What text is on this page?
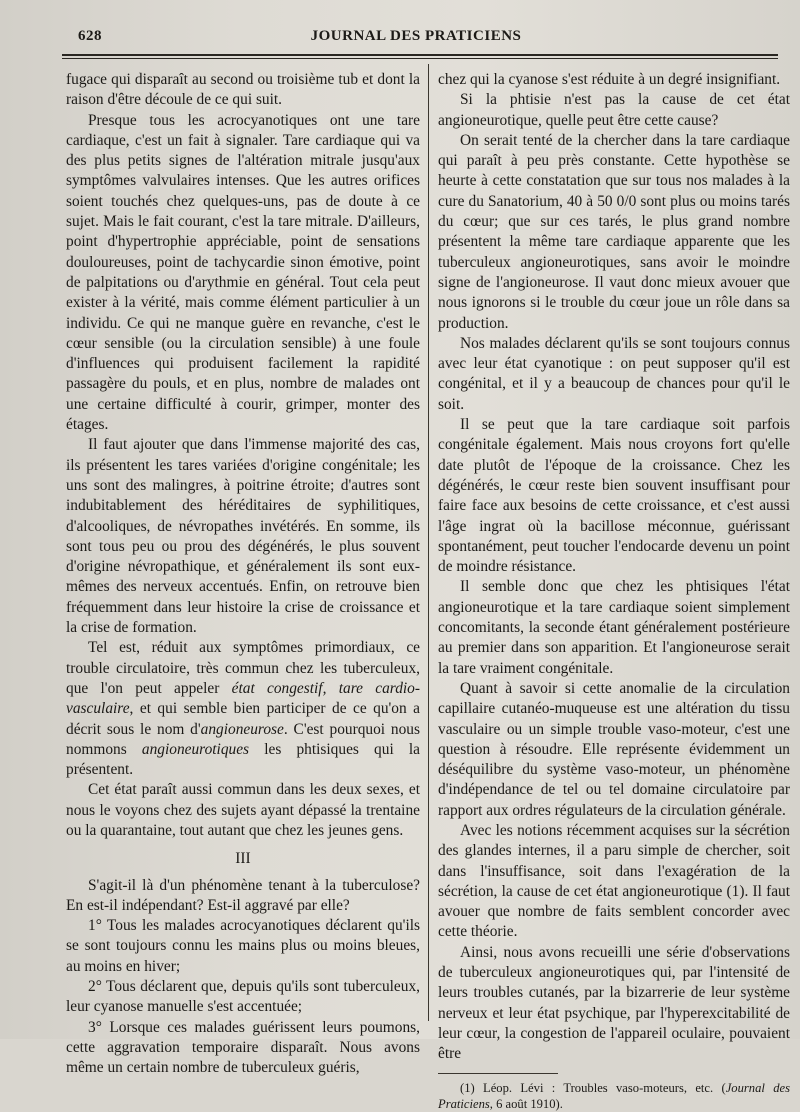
628	JOURNAL DES PRATICIENS

fugace qui disparaît au second ou troisième tub et dont la raison d'être découle de ce qui suit.

Presque tous les acrocyanotiques ont une tare cardiaque, c'est un fait à signaler. Tare cardiaque qui va des plus petits signes de l'altération mitrale jusqu'aux symptômes valvulaires intenses. Que les autres orifices soient touchés chez quelques-uns, pas de doute à ce sujet. Mais le fait courant, c'est la tare mitrale. D'ailleurs, point d'hypertrophie appréciable, point de sensations douloureuses, point de tachycardie sinon émotive, point de palpitations ou d'arythmie en général. Tout cela peut exister à la vérité, mais comme élément particulier à un individu. Ce qui ne manque guère en revanche, c'est le cœur sensible (ou la circulation sensible) à une foule d'influences qui produisent facilement la rapidité passagère du pouls, et en plus, nombre de malades ont une certaine difficulté à courir, grimper, monter des étages.

Il faut ajouter que dans l'immense majorité des cas, ils présentent les tares variées d'origine congénitale; les uns sont des malingres, à poitrine étroite; d'autres sont indubitablement des héréditaires de syphilitiques, d'alcooliques, de névropathes invétérés. En somme, ils sont tous peu ou prou des dégénérés, le plus souvent d'origine névropathique, et généralement ils sont eux-mêmes des nerveux accentués. Enfin, on retrouve bien fréquemment dans leur histoire la crise de croissance et la crise de formation.

Tel est, réduit aux symptômes primordiaux, ce trouble circulatoire, très commun chez les tuberculeux, que l'on peut appeler état congestif, tare cardio-vasculaire, et qui semble bien participer de ce qu'on a décrit sous le nom d'angioneurose. C'est pourquoi nous nommons angioneurotiques les phtisiques qui la présentent.

Cet état paraît aussi commun dans les deux sexes, et nous le voyons chez des sujets ayant dépassé la trentaine ou la quarantaine, tout autant que chez les jeunes gens.

III

S'agit-il là d'un phénomène tenant à la tuberculose? En est-il indépendant? Est-il aggravé par elle?

1° Tous les malades acrocyanotiques déclarent qu'ils se sont toujours connu les mains plus ou moins bleues, au moins en hiver;

2° Tous déclarent que, depuis qu'ils sont tuberculeux, leur cyanose manuelle s'est accentuée;

3° Lorsque ces malades guérissent leurs poumons, cette aggravation temporaire disparaît. Nous avons même un certain nombre de tuberculeux guéris,

chez qui la cyanose s'est réduite à un degré insignifiant.

Si la phtisie n'est pas la cause de cet état angioneurotique, quelle peut être cette cause?

On serait tenté de la chercher dans la tare cardiaque qui paraît à peu près constante. Cette hypothèse se heurte à cette constatation que sur tous nos malades à la cure du Sanatorium, 40 à 50 0/0 sont plus ou moins tarés du cœur; que sur ces tarés, le plus grand nombre présentent la même tare cardiaque apparente que les tuberculeux angioneurotiques, sans avoir le moindre signe de l'angioneurose. Il vaut donc mieux avouer que nous ignorons si le trouble du cœur joue un rôle dans sa production.

Nos malades déclarent qu'ils se sont toujours connus avec leur état cyanotique : on peut supposer qu'il est congénital, et il y a beaucoup de chances pour qu'il le soit.

Il se peut que la tare cardiaque soit parfois congénitale également. Mais nous croyons fort qu'elle date plutôt de l'époque de la croissance. Chez les dégénérés, le cœur reste bien souvent insuffisant pour faire face aux besoins de cette croissance, et c'est aussi l'âge ingrat où la bacillose méconnue, guérissant spontanément, peut toucher l'endocarde devenu un point de moindre résistance.

Il semble donc que chez les phtisiques l'état angioneurotique et la tare cardiaque soient simplement concomitants, la seconde étant généralement postérieure au premier dans son apparition. Et l'angioneurose serait la tare vraiment congénitale.

Quant à savoir si cette anomalie de la circulation capillaire cutanéo-muqueuse est une altération du tissu vasculaire ou un simple trouble vaso-moteur, c'est une question à résoudre. Elle représente évidemment un déséquilibre du système vaso-moteur, un phénomène d'indépendance de tel ou tel domaine circulatoire par rapport aux ordres régulateurs de la circulation générale.

Avec les notions récemment acquises sur la sécrétion des glandes internes, il a paru simple de chercher, soit dans l'insuffisance, soit dans l'exagération de la sécrétion, la cause de cet état angioneurotique (1). Il faut avouer que nombre de faits semblent concorder avec cette théorie.

Ainsi, nous avons recueilli une série d'observations de tuberculeux angioneurotiques qui, par l'intensité de leurs troubles cutanés, par la bizarrerie de leur système nerveux et leur état psychique, par l'hyperexcitabilité de leur cœur, la congestion de l'appareil oculaire, pouvaient être

(1) Léop. Lévi : Troubles vaso-moteurs, etc. (Journal des Praticiens, 6 août 1910).
